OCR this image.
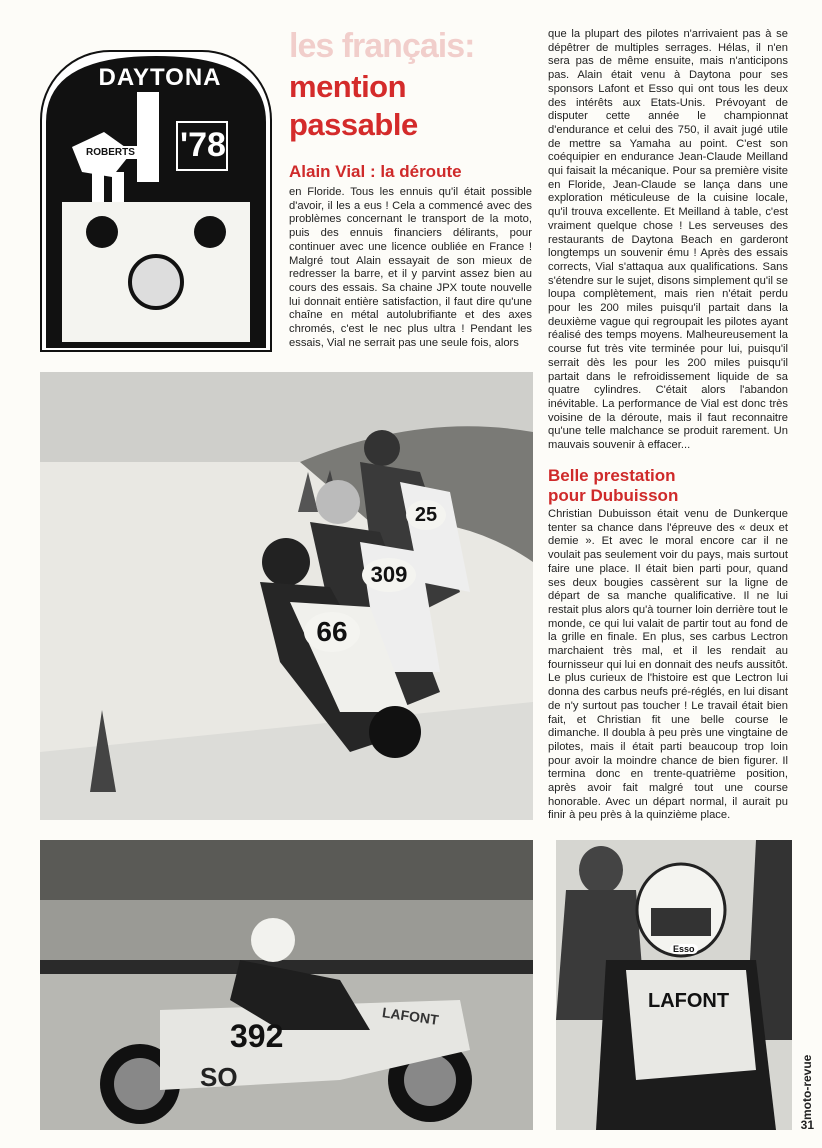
DAYTONA
'78
ROBERTS
les français:
mention passable
Alain Vial : la déroute

en Floride. Tous les ennuis qu'il était possible d'avoir, il les a eus ! Cela a commencé avec des problèmes concernant le transport de la moto, puis des ennuis financiers délirants, pour continuer avec une licence oubliée en France ! Malgré tout Alain essayait de son mieux de redresser la barre, et il y parvint assez bien au cours des essais. Sa chaine JPX toute nouvelle lui donnait entière satisfaction, il faut dire qu'une chaîne en métal autolubrifiante et des axes chromés, c'est le nec plus ultra ! Pendant les essais, Vial ne serrait pas une seule fois, alors

que la plupart des pilotes n'arrivaient pas à se dépêtrer de multiples serrages. Hélas, il n'en sera pas de même ensuite, mais n'anticipons pas. Alain était venu à Daytona pour ses sponsors Lafont et Esso qui ont tous les deux des intérêts aux Etats-Unis. Prévoyant de disputer cette année le championnat d'endurance et celui des 750, il avait jugé utile de mettre sa Yamaha au point. C'est son coéquipier en endurance Jean-Claude Meilland qui faisait la mécanique. Pour sa première visite en Floride, Jean-Claude se lança dans une exploration méticuleuse de la cuisine locale, qu'il trouva excellente. Et Meilland à table, c'est vraiment quelque chose ! Les serveuses des restaurants de Daytona Beach en garderont longtemps un souvenir ému ! Après des essais corrects, Vial s'attaqua aux qualifications. Sans s'étendre sur le sujet, disons simplement qu'il se loupa complètement, mais rien n'était perdu pour les 200 miles puisqu'il partait dans la deuxième vague qui regroupait les pilotes ayant réalisé des temps moyens. Malheureusement la course fut très vite terminée pour lui, puisqu'il serrait dès les pour les 200 miles puisqu'il partait dans le refroidissement liquide de sa quatre cylindres. C'était alors l'abandon inévitable. La performance de Vial est donc très voisine de la déroute, mais il faut reconnaitre qu'une telle malchance se produit rarement. Un mauvais souvenir à effacer...

Belle prestation
pour Dubuisson

Christian Dubuisson était venu de Dunkerque tenter sa chance dans l'épreuve des « deux et demie ». Et avec le moral encore car il ne voulait pas seulement voir du pays, mais surtout faire une place. Il était bien parti pour, quand ses deux bougies cassèrent sur la ligne de départ de sa manche qualificative. Il ne lui restait plus alors qu'à tourner loin derrière tout le monde, ce qui lui valait de partir tout au fond de la grille en finale. En plus, ses carbus Lectron marchaient très mal, et il les rendait au fournisseur qui lui en donnait des neufs aussitôt. Le plus curieux de l'histoire est que Lectron lui donna des carbus neufs pré-réglés, en lui disant de n'y surtout pas toucher ! Le travail était bien fait, et Christian fit une belle course le dimanche. Il doubla à peu près une vingtaine de pilotes, mais il était parti beaucoup trop loin pour avoir la moindre chance de bien figurer. Il termina donc en trente-quatrième position, après avoir fait malgré tout une course honorable. Avec un départ normal, il aurait pu finir à peu près à la quinzième place.

25
309
66
392
LAFONT
SO
Esso
LAFONT
moto-revue
31
